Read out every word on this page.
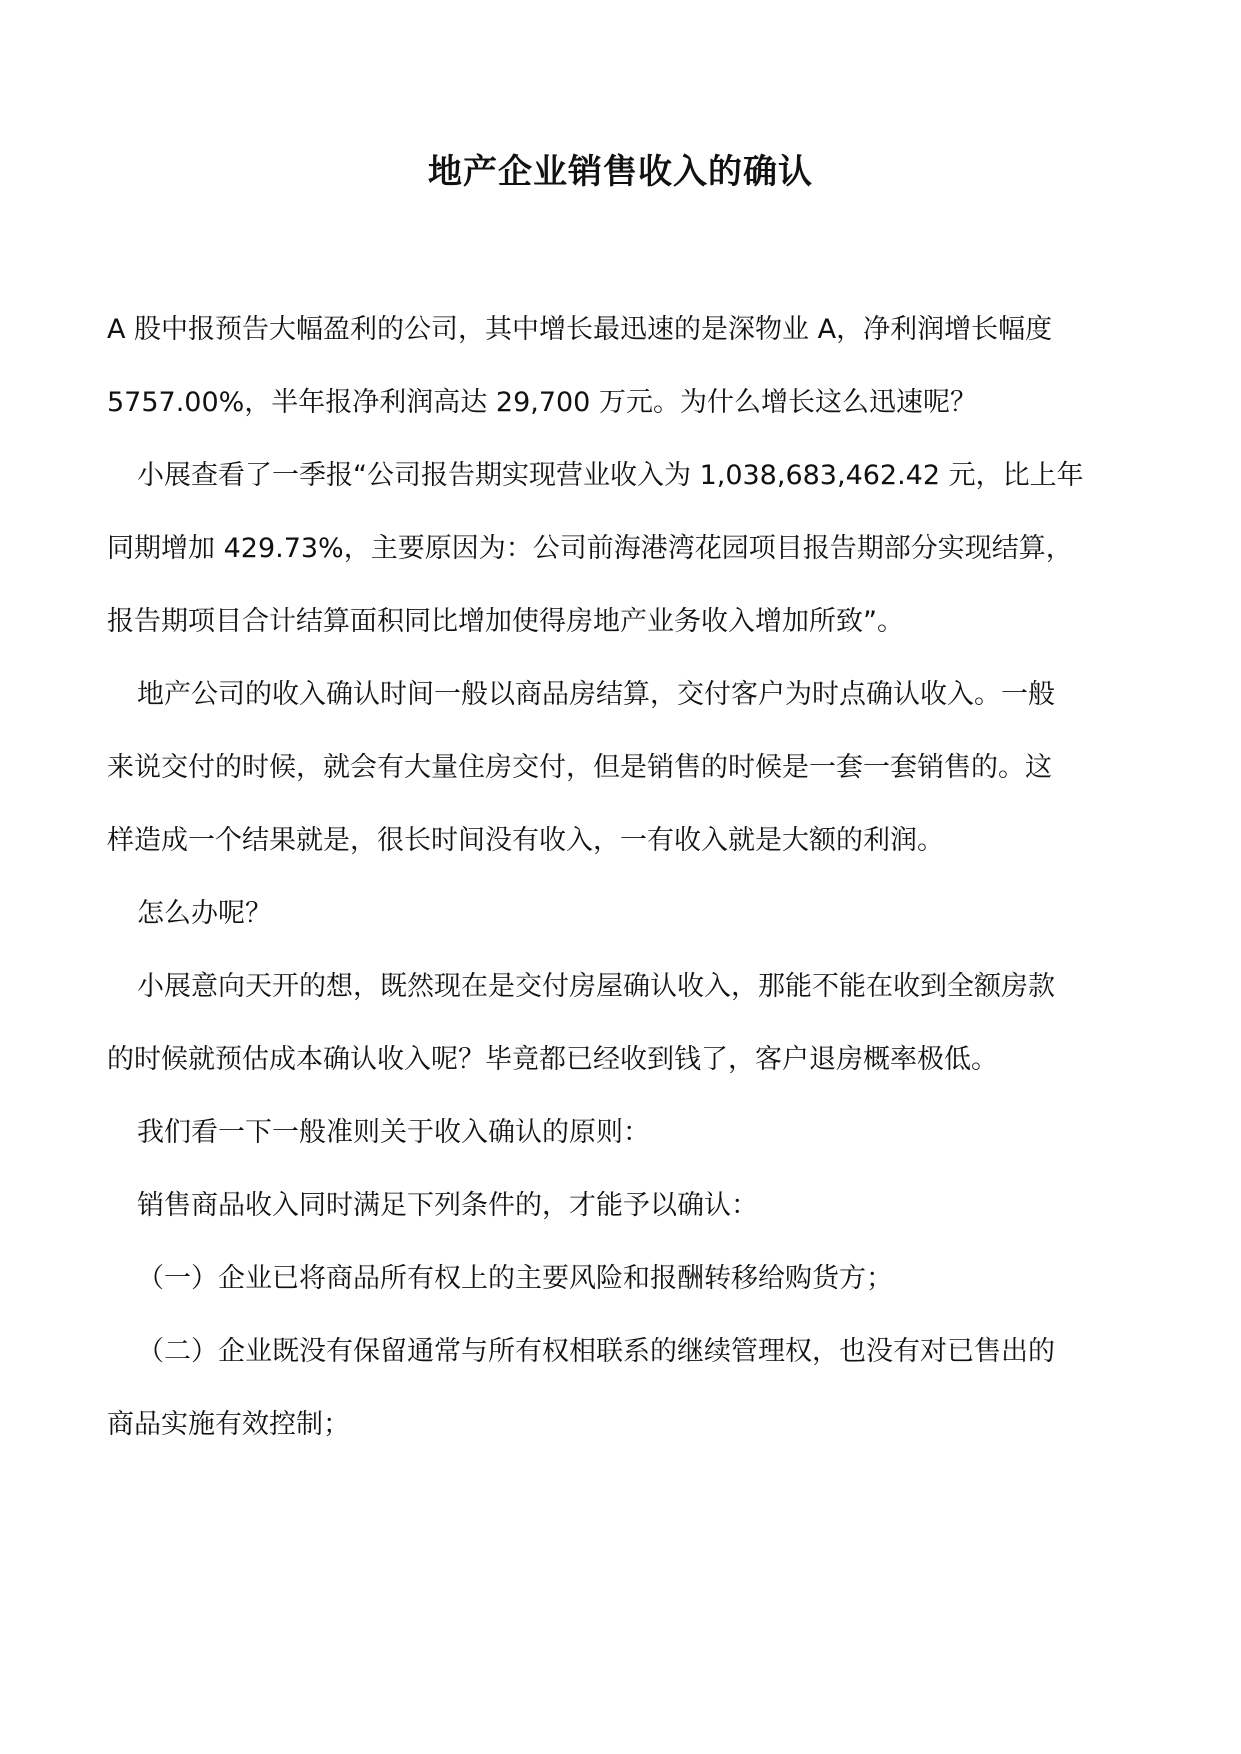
地产企业销售收入的确认

A 股中报预告大幅盈利的公司，其中增长最迅速的是深物业 A，净利润增长幅度

5757.00%，半年报净利润高达 29,700 万元。为什么增长这么迅速呢？

小展查看了一季报“公司报告期实现营业收入为 1,038,683,462.42 元，比上年

同期增加 429.73%，主要原因为：公司前海港湾花园项目报告期部分实现结算，

报告期项目合计结算面积同比增加使得房地产业务收入增加所致”。

地产公司的收入确认时间一般以商品房结算，交付客户为时点确认收入。一般

来说交付的时候，就会有大量住房交付，但是销售的时候是一套一套销售的。这

样造成一个结果就是，很长时间没有收入，一有收入就是大额的利润。

怎么办呢？

小展意向天开的想，既然现在是交付房屋确认收入，那能不能在收到全额房款

的时候就预估成本确认收入呢？毕竟都已经收到钱了，客户退房概率极低。

我们看一下一般准则关于收入确认的原则：

销售商品收入同时满足下列条件的，才能予以确认：

（一）企业已将商品所有权上的主要风险和报酬转移给购货方；

（二）企业既没有保留通常与所有权相联系的继续管理权，也没有对已售出的

商品实施有效控制；
